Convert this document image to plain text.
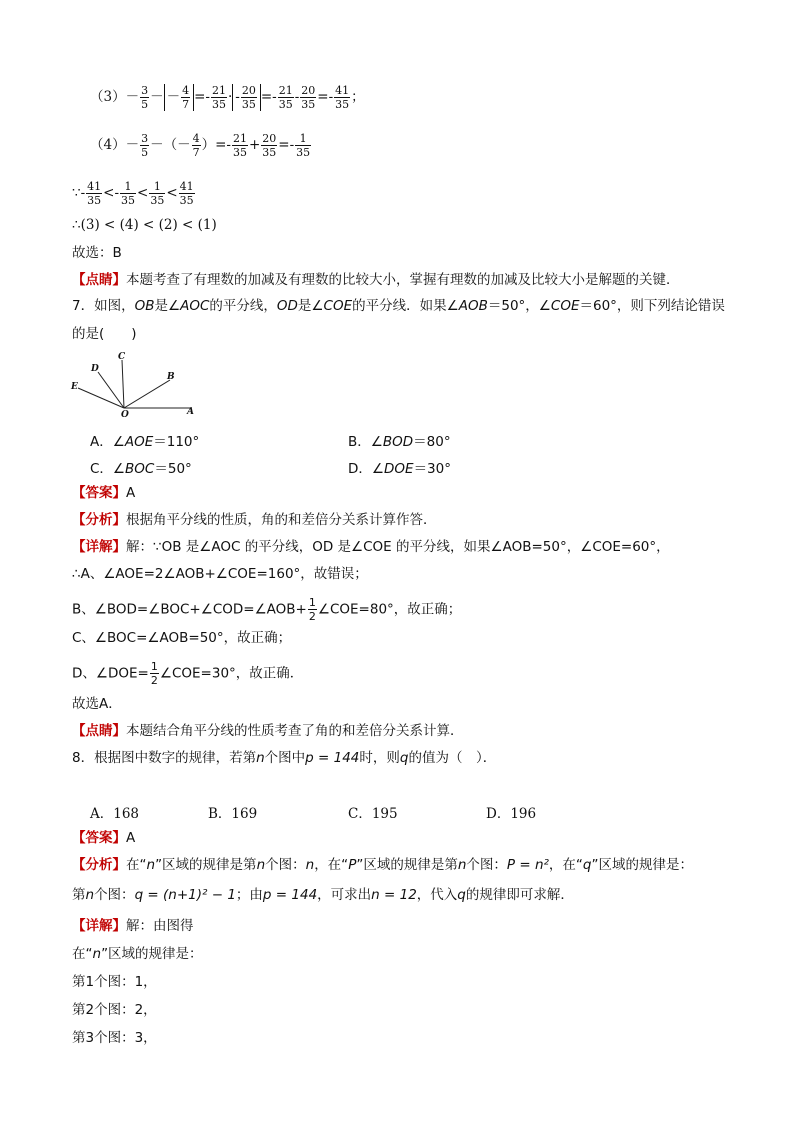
$(3)- \frac{3}{5}$ － － $\frac{4}{7} =- \frac{21}{35}$ · - $\frac{20}{35} =- \frac{21}{35} - \frac{20}{35} =- \frac{41}{35}$ ；
$(4)- \frac{3}{5}$ －（－ $\frac{4}{7}$ ）=- $\frac{21}{35} + \frac{20}{35} =- \frac{1}{35}$
∵- $\frac{41}{35} <- \frac{1}{35} < \frac{1}{35} < \frac{41}{35}$
∴(3) < (4) < (2) < (1)
故选：B
【点睛】本题考查了有理数的加减及有理数的比较大小，掌握有理数的加减及比较大小是解题的关键．
7．如图，OB是∠AOC的平分线，OD是∠COE的平分线．如果∠AOB＝50°，∠COE＝60°，则下列结论错误
的是(　　)
C
D
B
E
O	A
A．∠AOE＝110°	B．∠BOD＝80°
C．∠BOC＝50°	D．∠DOE＝30°
【答案】A
【分析】根据角平分线的性质，角的和差倍分关系计算作答．
【详解】解：∵OB 是∠AOC 的平分线，OD 是∠COE 的平分线，如果∠AOB=50°，∠COE=60°，
∴A、∠AOE=2∠AOB+∠COE=160°，故错误；
B、∠BOD=∠BOC+∠COD=∠AOB+ $\frac{1}{2}$ ∠COE=80°，故正确；
C、∠BOC=∠AOB=50°，故正确；
D、∠DOE= $\frac{1}{2}$ ∠COE=30°，故正确．
故选A．
【点睛】本题结合角平分线的性质考查了角的和差倍分关系计算．
8．根据图中数字的规律，若第n个图中p = 144时，则q的值为（　）．
A．168	B．169	C．195	D．196
【答案】A
【分析】在“n”区域的规律是第n个图：n，在“P”区域的规律是第n个图：P = n²，在“q”区域的规律是：
第n个图：q = (n+1)² − 1；由p = 144，可求出n = 12，代入q的规律即可求解．
【详解】解：由图得
在“n”区域的规律是：
第1个图：1，
第2个图：2，
第3个图：3，
